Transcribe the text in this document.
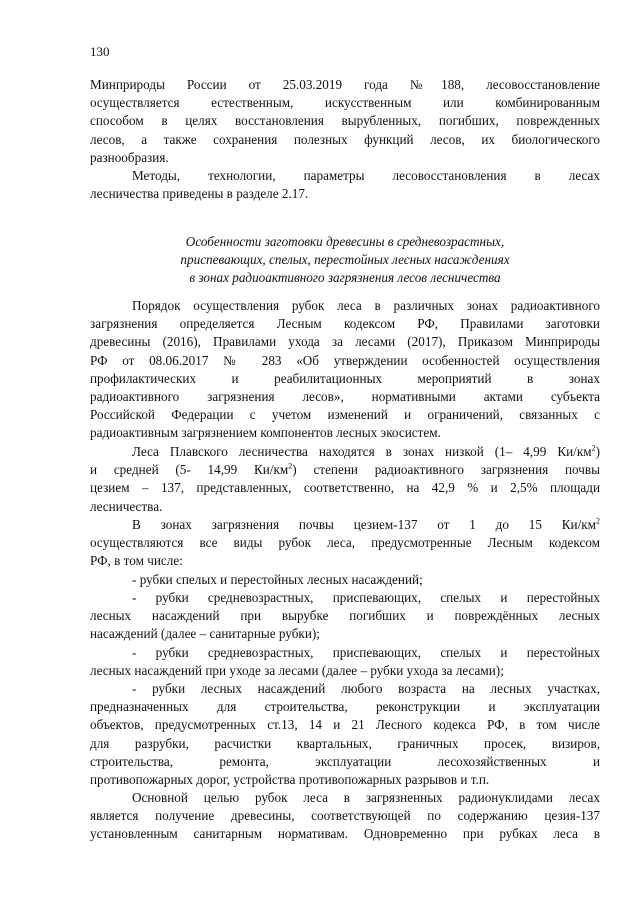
130
Минприроды России от 25.03.2019 года №188, лесовосстановление
осуществляется естественным, искусственным или комбинированным
способом в целях восстановления вырубленных, погибших, поврежденных
лесов, а также сохранения полезных функций лесов, их биологического
разнообразия.
Методы, технологии, параметры лесовосстановления в лесах
лесничества приведены в разделе 2.17.
Особенности заготовки древесины в средневозрастных,
приспевающих, спелых, перестойных лесных насаждениях
в зонах радиоактивного загрязнения лесов лесничества
Порядок осуществления рубок леса в различных зонах радиоактивного
загрязнения определяется Лесным кодексом РФ, Правилами заготовки
древесины (2016), Правилами ухода за лесами (2017), Приказом Минприроды
РФ от 08.06.2017 № 283 «Об утверждении особенностей осуществления
профилактических и реабилитационных мероприятий в зонах
радиоактивного загрязнения лесов», нормативными актами субъекта
Российской Федерации с учетом изменений и ограничений, связанных с
радиоактивным загрязнением компонентов лесных экосистем.
Леса Плавского лесничества находятся в зонах низкой (1– 4,99 $Ки/км^2$)
и средней (5- 14,99 $Ки/км^2$) степени радиоактивного загрязнения почвы
цезием – 137, представленных, соответственно, на 42,9 % и 2,5% площади
лесничества.
В зонах загрязнения почвы цезием-137 от 1 до 15 $Ки/км^2$
осуществляются все виды рубок леса, предусмотренные Лесным кодексом
РФ, в том числе:
- рубки спелых и перестойных лесных насаждений;
- рубки средневозрастных, приспевающих, спелых и перестойных
лесных насаждений при вырубке погибших и повреждённых лесных
насаждений (далее – санитарные рубки);
- рубки средневозрастных, приспевающих, спелых и перестойных
лесных насаждений при уходе за лесами (далее – рубки ухода за лесами);
- рубки лесных насаждений любого возраста на лесных участках,
предназначенных для строительства, реконструкции и эксплуатации
объектов, предусмотренных ст.13, 14 и 21 Лесного кодекса РФ, в том числе
для разрубки, расчистки квартальных, граничных просек, визиров,
строительства, ремонта, эксплуатации лесохозяйственных и
противопожарных дорог, устройства противопожарных разрывов и т.п.
Основной целью рубок леса в загрязненных радионуклидами лесах
является получение древесины, соответствующей по содержанию цезия-137
установленным санитарным нормативам. Одновременно при рубках леса в
